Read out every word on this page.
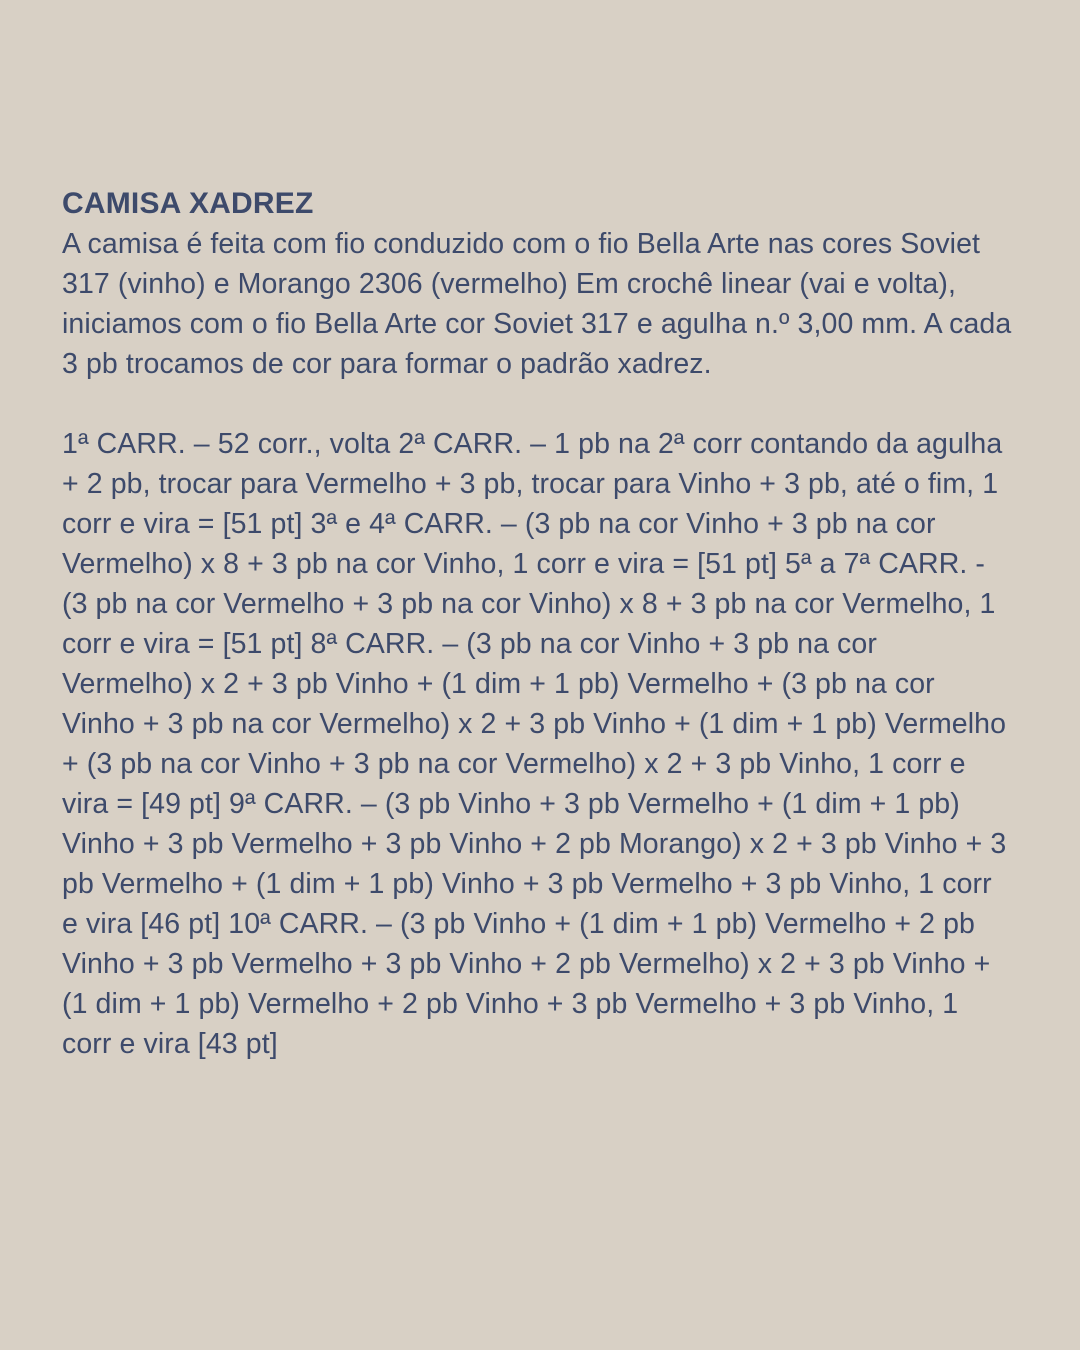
CAMISA XADREZ

A camisa é feita com fio conduzido com o fio Bella Arte nas cores Soviet 317 (vinho) e Morango 2306 (vermelho) Em crochê linear (vai e volta), iniciamos com o fio Bella Arte cor Soviet 317 e agulha n.º 3,00 mm. A cada 3 pb trocamos de cor para formar o padrão xadrez.

1ª CARR. – 52 corr., volta 2ª CARR. – 1 pb na 2ª corr contando da agulha + 2 pb, trocar para Vermelho + 3 pb, trocar para Vinho + 3 pb, até o fim, 1 corr e vira = [51 pt] 3ª e 4ª CARR. – (3 pb na cor Vinho + 3 pb na cor Vermelho) x 8 + 3 pb na cor Vinho, 1 corr e vira = [51 pt] 5ª a 7ª CARR. - (3 pb na cor Vermelho + 3 pb na cor Vinho) x 8 + 3 pb na cor Vermelho, 1 corr e vira = [51 pt] 8ª CARR. – (3 pb na cor Vinho + 3 pb na cor Vermelho) x 2 + 3 pb Vinho + (1 dim + 1 pb) Vermelho + (3 pb na cor Vinho + 3 pb na cor Vermelho) x 2 + 3 pb Vinho + (1 dim + 1 pb) Vermelho + (3 pb na cor Vinho + 3 pb na cor Vermelho) x 2 + 3 pb Vinho, 1 corr e vira = [49 pt] 9ª CARR. – (3 pb Vinho + 3 pb Vermelho + (1 dim + 1 pb) Vinho + 3 pb Vermelho + 3 pb Vinho + 2 pb Morango) x 2 + 3 pb Vinho + 3 pb Vermelho + (1 dim + 1 pb) Vinho + 3 pb Vermelho + 3 pb Vinho, 1 corr e vira [46 pt] 10ª CARR. – (3 pb Vinho + (1 dim + 1 pb) Vermelho + 2 pb Vinho + 3 pb Vermelho + 3 pb Vinho + 2 pb Vermelho) x 2 + 3 pb Vinho + (1 dim + 1 pb) Vermelho + 2 pb Vinho + 3 pb Vermelho + 3 pb Vinho, 1 corr e vira [43 pt]
